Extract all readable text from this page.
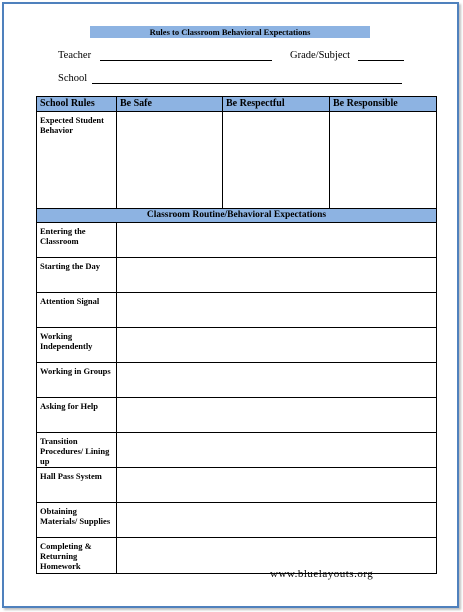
Rules to Classroom Behavioral Expectations
Teacher	Grade/Subject
School
School Rules	Be Safe	Be Respectful	Be Responsible
Expected Student Behavior			
Classroom Routine/Behavioral Expectations			
Entering the Classroom			
Starting the Day			
Attention Signal			
Working Independently			
Working in Groups			
Asking for Help			
Transition Procedures/ Lining up			
Hall Pass System			
Obtaining Materials/ Supplies			
Completing & Returning Homework			
www.bluelayouts.org
